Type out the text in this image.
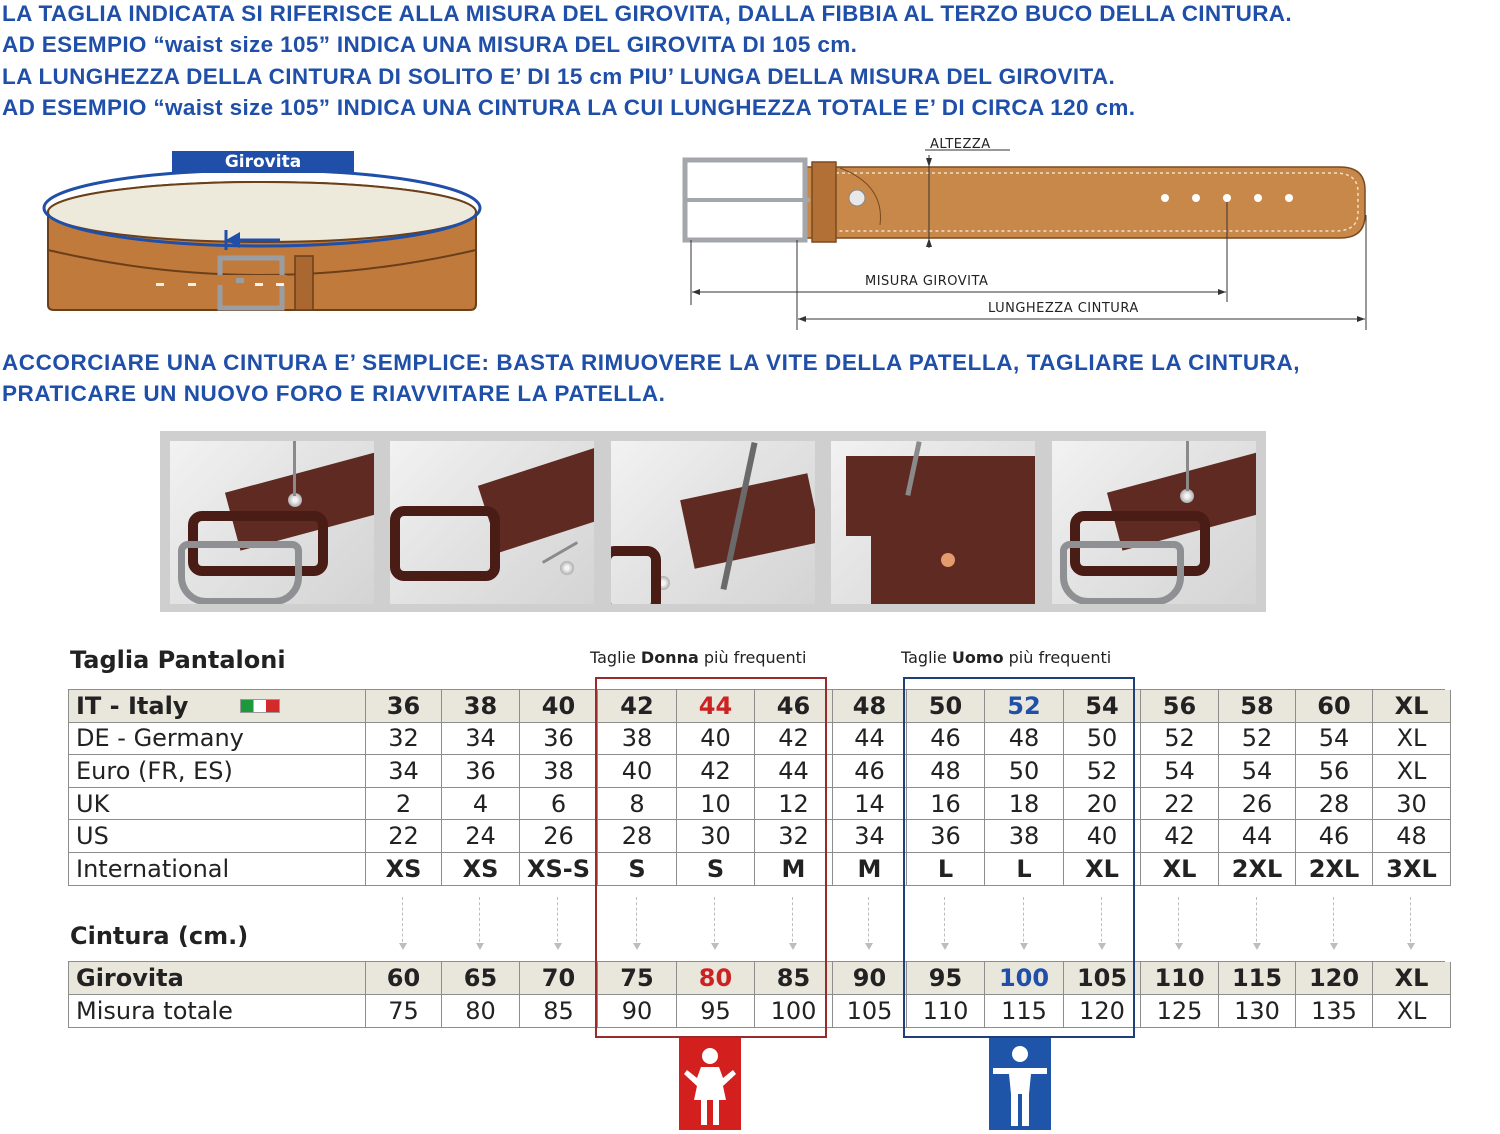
LA TAGLIA INDICATA SI RIFERISCE ALLA MISURA DEL GIROVITA, DALLA FIBBIA AL TERZO BUCO DELLA CINTURA.
AD ESEMPIO “waist size 105” INDICA UNA MISURA DEL GIROVITA DI 105 cm.
LA LUNGHEZZA DELLA CINTURA DI SOLITO E’ DI 15 cm PIU’ LUNGA DELLA MISURA DEL GIROVITA.
AD ESEMPIO “waist size 105” INDICA UNA CINTURA LA CUI LUNGHEZZA TOTALE E’ DI CIRCA 120 cm.
Girovita
ALTEZZA
MISURA GIROVITA
LUNGHEZZA CINTURA
ACCORCIARE UNA CINTURA E’ SEMPLICE: BASTA RIMUOVERE LA VITE DELLA PATELLA, TAGLIARE LA CINTURA,
PRATICARE UN NUOVO FORO E RIAVVITARE LA PATELLA.
Taglia Pantaloni	Taglie Donna più frequenti	Taglie Uomo più frequenti
IT - Italy	36	38	40	42	44	46	48	50	52	54	56	58	60	XL
DE - Germany	32	34	36	38	40	42	44	46	48	50	52	52	54	XL
Euro (FR, ES)	34	36	38	40	42	44	46	48	50	52	54	54	56	XL
UK	2	4	6	8	10	12	14	16	18	20	22	26	28	30
US	22	24	26	28	30	32	34	36	38	40	42	44	46	48
International	XS	XS	XS-S	S	S	M	M	L	L	XL	XL	2XL	2XL	3XL
Cintura (cm.)
Girovita	60	65	70	75	80	85	90	95	100	105	110	115	120	XL
Misura totale	75	80	85	90	95	100	105	110	115	120	125	130	135	XL
